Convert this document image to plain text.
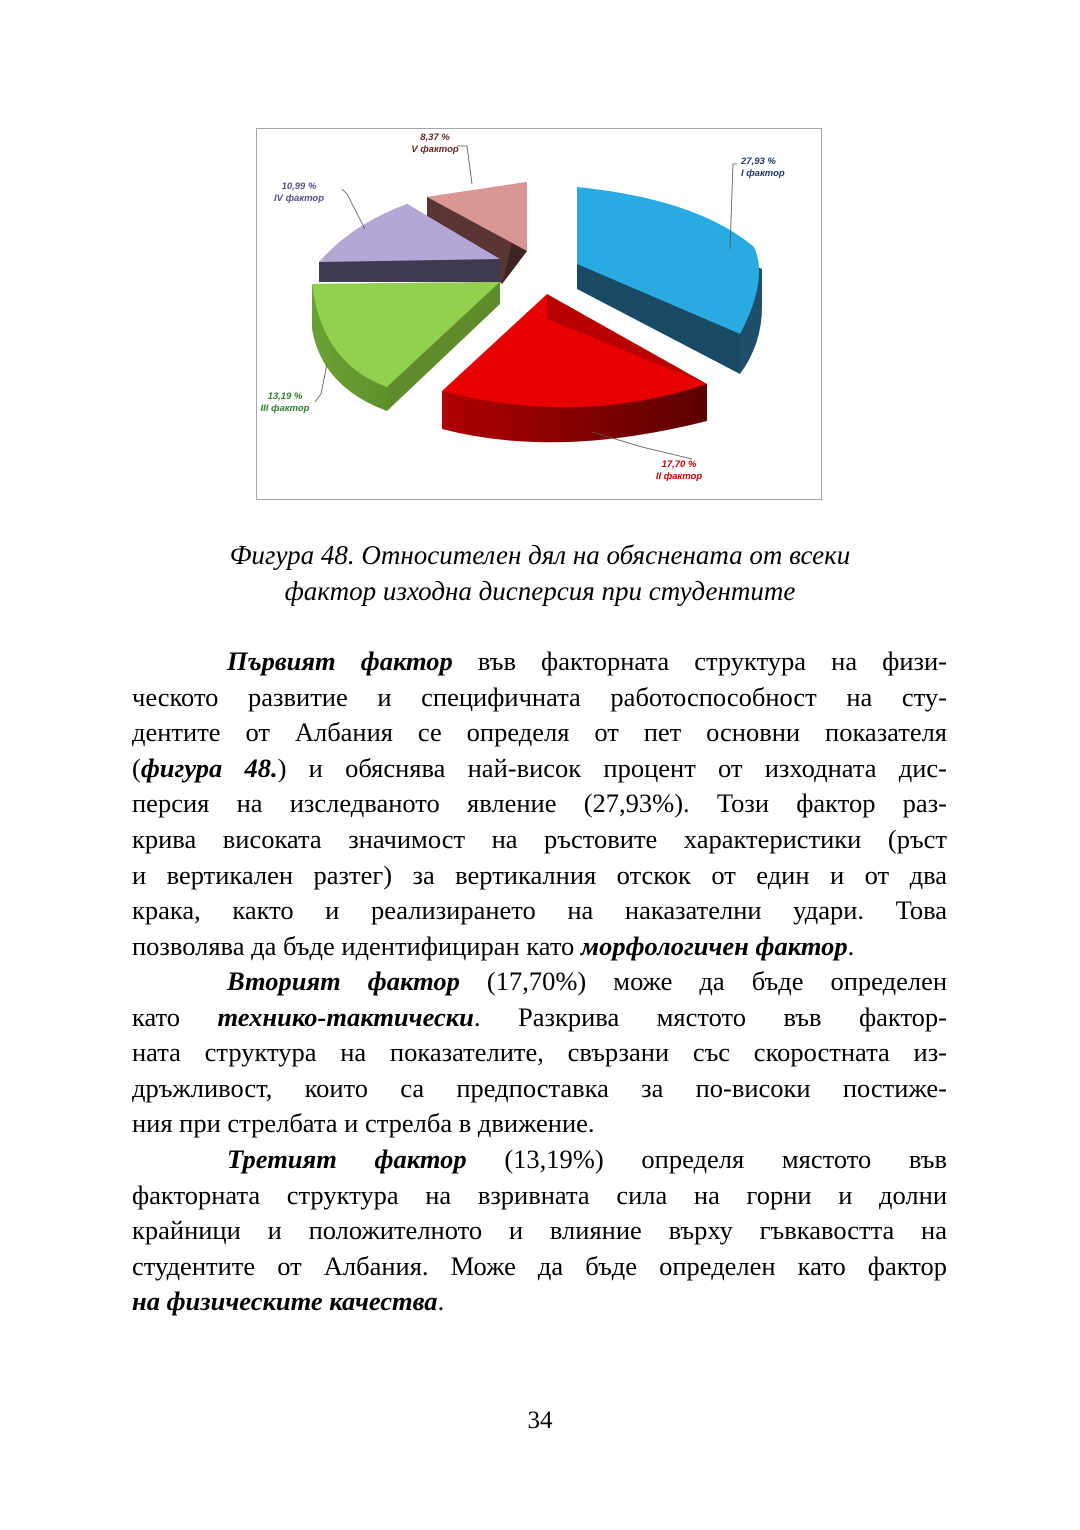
8,37 %
V фактор
27,93 %
I фактор
10,99 %
IV фактор
13,19 %
III фактор
17,70 %
II фактор
Фигура 48. Относителен дял на обяснената от всеки
фактор изходна дисперсия при студентите
Първият фактор във факторната структура на физи-
ческото развитие и специфичната работоспособност на сту-
дентите от Албания се определя от пет основни показателя
(фигура 48.) и обяснява най-висок процент от изходната дис-
персия на изследваното явление (27,93%). Този фактор раз-
крива високата значимост на ръстовите характеристики (ръст
и вертикален разтег) за вертикалния отскок от един и от два
крака, както и реализирането на наказателни удари. Това
позволява да бъде идентифициран като морфологичен фактор.
Вторият фактор (17,70%) може да бъде определен
като технико-тактически. Разкрива мястото във фактор-
ната структура на показателите, свързани със скоростната из-
дръжливост, които са предпоставка за по-високи постиже-
ния при стрелбата и стрелба в движение.
Третият фактор (13,19%) определя мястото във
факторната структура на взривната сила на горни и долни
крайници и положителното и влияние върху гъвкавостта на
студентите от Албания. Може да бъде определен като фактор
на физическите качества.
34
